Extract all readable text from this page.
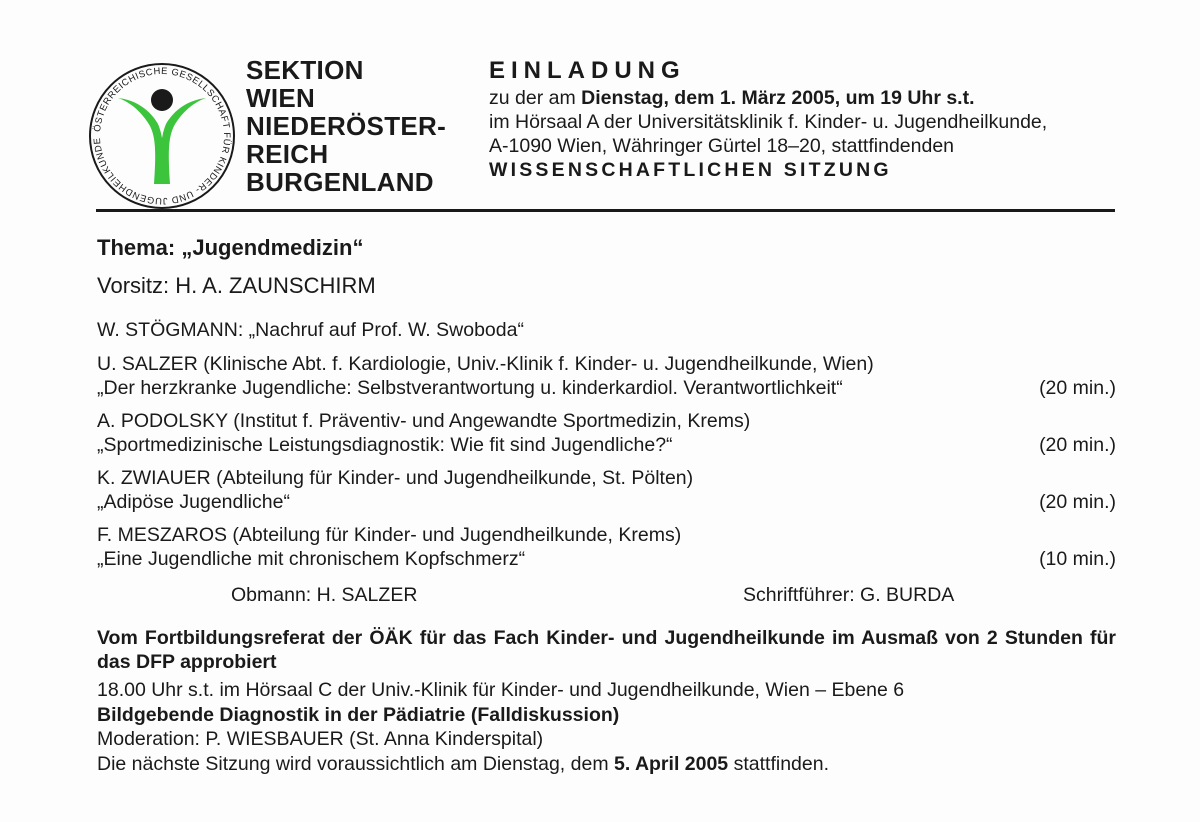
ÖSTERREICHISCHE GESELLSCHAFT FÜR KINDER- UND JUGENDHEILKUNDE
SEKTION
WIEN
NIEDERÖSTER-
REICH
BURGENLAND
EINLADUNG
zu der am Dienstag, dem 1. März 2005, um 19 Uhr s.t.
im Hörsaal A der Universitätsklinik f. Kinder- u. Jugendheilkunde,
A-1090 Wien, Währinger Gürtel 18–20, stattfindenden
WISSENSCHAFTLICHEN SITZUNG
Thema: „Jugendmedizin“
Vorsitz: H. A. ZAUNSCHIRM
W. STÖGMANN: „Nachruf auf Prof. W. Swoboda“
U. SALZER (Klinische Abt. f. Kardiologie, Univ.-Klinik f. Kinder- u. Jugendheilkunde, Wien)
„Der herzkranke Jugendliche: Selbstverantwortung u. kinderkardiol. Verantwortlichkeit“	(20 min.)
A. PODOLSKY (Institut f. Präventiv- und Angewandte Sportmedizin, Krems)
„Sportmedizinische Leistungsdiagnostik: Wie fit sind Jugendliche?“	(20 min.)
K. ZWIAUER (Abteilung für Kinder- und Jugendheilkunde, St. Pölten)
„Adipöse Jugendliche“	(20 min.)
F. MESZAROS (Abteilung für Kinder- und Jugendheilkunde, Krems)
„Eine Jugendliche mit chronischem Kopfschmerz“	(10 min.)
Obmann: H. SALZER	Schriftführer: G. BURDA
Vom Fortbildungsreferat der ÖÄK für das Fach Kinder- und Jugendheilkunde im Ausmaß von 2 Stunden für das DFP approbiert
18.00 Uhr s.t. im Hörsaal C der Univ.-Klinik für Kinder- und Jugendheilkunde, Wien – Ebene 6
Bildgebende Diagnostik in der Pädiatrie (Falldiskussion)
Moderation: P. WIESBAUER (St. Anna Kinderspital)
Die nächste Sitzung wird voraussichtlich am Dienstag, dem 5. April 2005 stattfinden.
